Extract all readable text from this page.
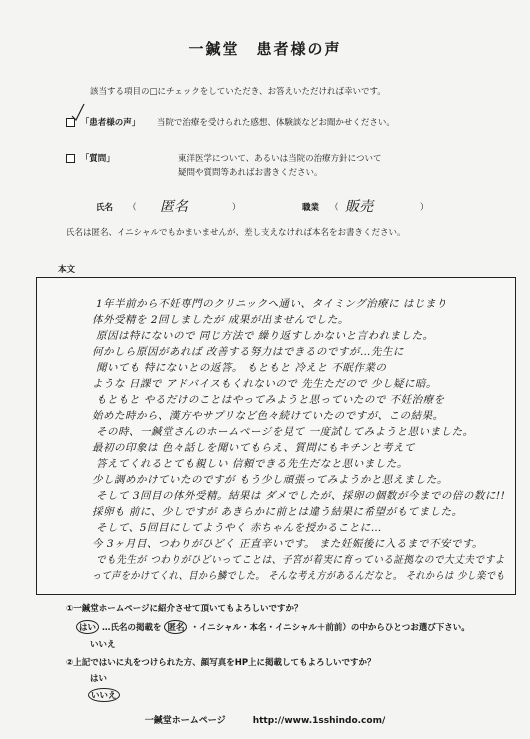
一鍼堂　患者様の声
該当する項目の□にチェックをしていただき、お答えいただければ幸いです。
「患者様の声」 当院で治療を受けられた感想、体験談などお聞かせください。
「質問」	東洋医学について、あるいは当院の治療方針について
疑問や質問等あればお書きください。
氏名 （ 匿名	）	職業 （ 販売	）
氏名は匿名、イニシャルでもかまいませんが、差し支えなければ本名をお書きください。
本文
1年半前から不妊専門のクリニックへ通い、タイミング治療に はじまり
体外受精を 2回しましたが 成果が出ませんでした。
原因は特にないので 同じ方法で 繰り返すしかないと言われました。
何かしら原因があれば 改善する努力はできるのですが…先生に
聞いても 特にないとの返答。 もともと 冷えと 不眠作業の
ような 日課で アドバイスもくれないので 先生ただので 少し疑に暗。
もともと やるだけのことはやってみようと思っていたので 不妊治療を
始めた時から、漢方やサプリなど色々続けていたのですが、この結果。
その時、一鍼堂さんのホームページを見て 一度試してみようと思いました。
最初の印象は 色々話しを聞いてもらえ、質問にもキチンと考えて
答えてくれるとても親しい 信頼できる先生だなと思いました。
少し調めかけていたのですが もう少し頑張ってみようかと思えました。
そして 3回目の体外受精。結果は ダメでしたが、採卵の個数が今までの倍の数に!!
採卵も 前に、少しですが あきらかに前とは違う結果に希望がもてました。
そして、5回目にしてようやく 赤ちゃんを授かることに…
今 3ヶ月目、つわりがひどく 正直辛いです。 また妊娠後に入るまで不安です。
でも先生が つわりがひどいってことは、子宮が着実に育っている証拠なので大丈夫ですよ
って声をかけてくれ、目から鱗でした。 そんな考え方があるんだなと。 それからは 少し楽でも
①一鍼堂ホームページに紹介させて頂いてもよろしいですか？
はい …氏名の掲載を 匿名 ・イニシャル・本名・イニシャル＋前前）の中からひとつお選び下さい。
いいえ
②上記ではいに丸をつけられた方、顔写真をHP上に掲載してもよろしいですか？
はい
いいえ
一鍼堂ホームページ	http://www.1sshindo.com/
